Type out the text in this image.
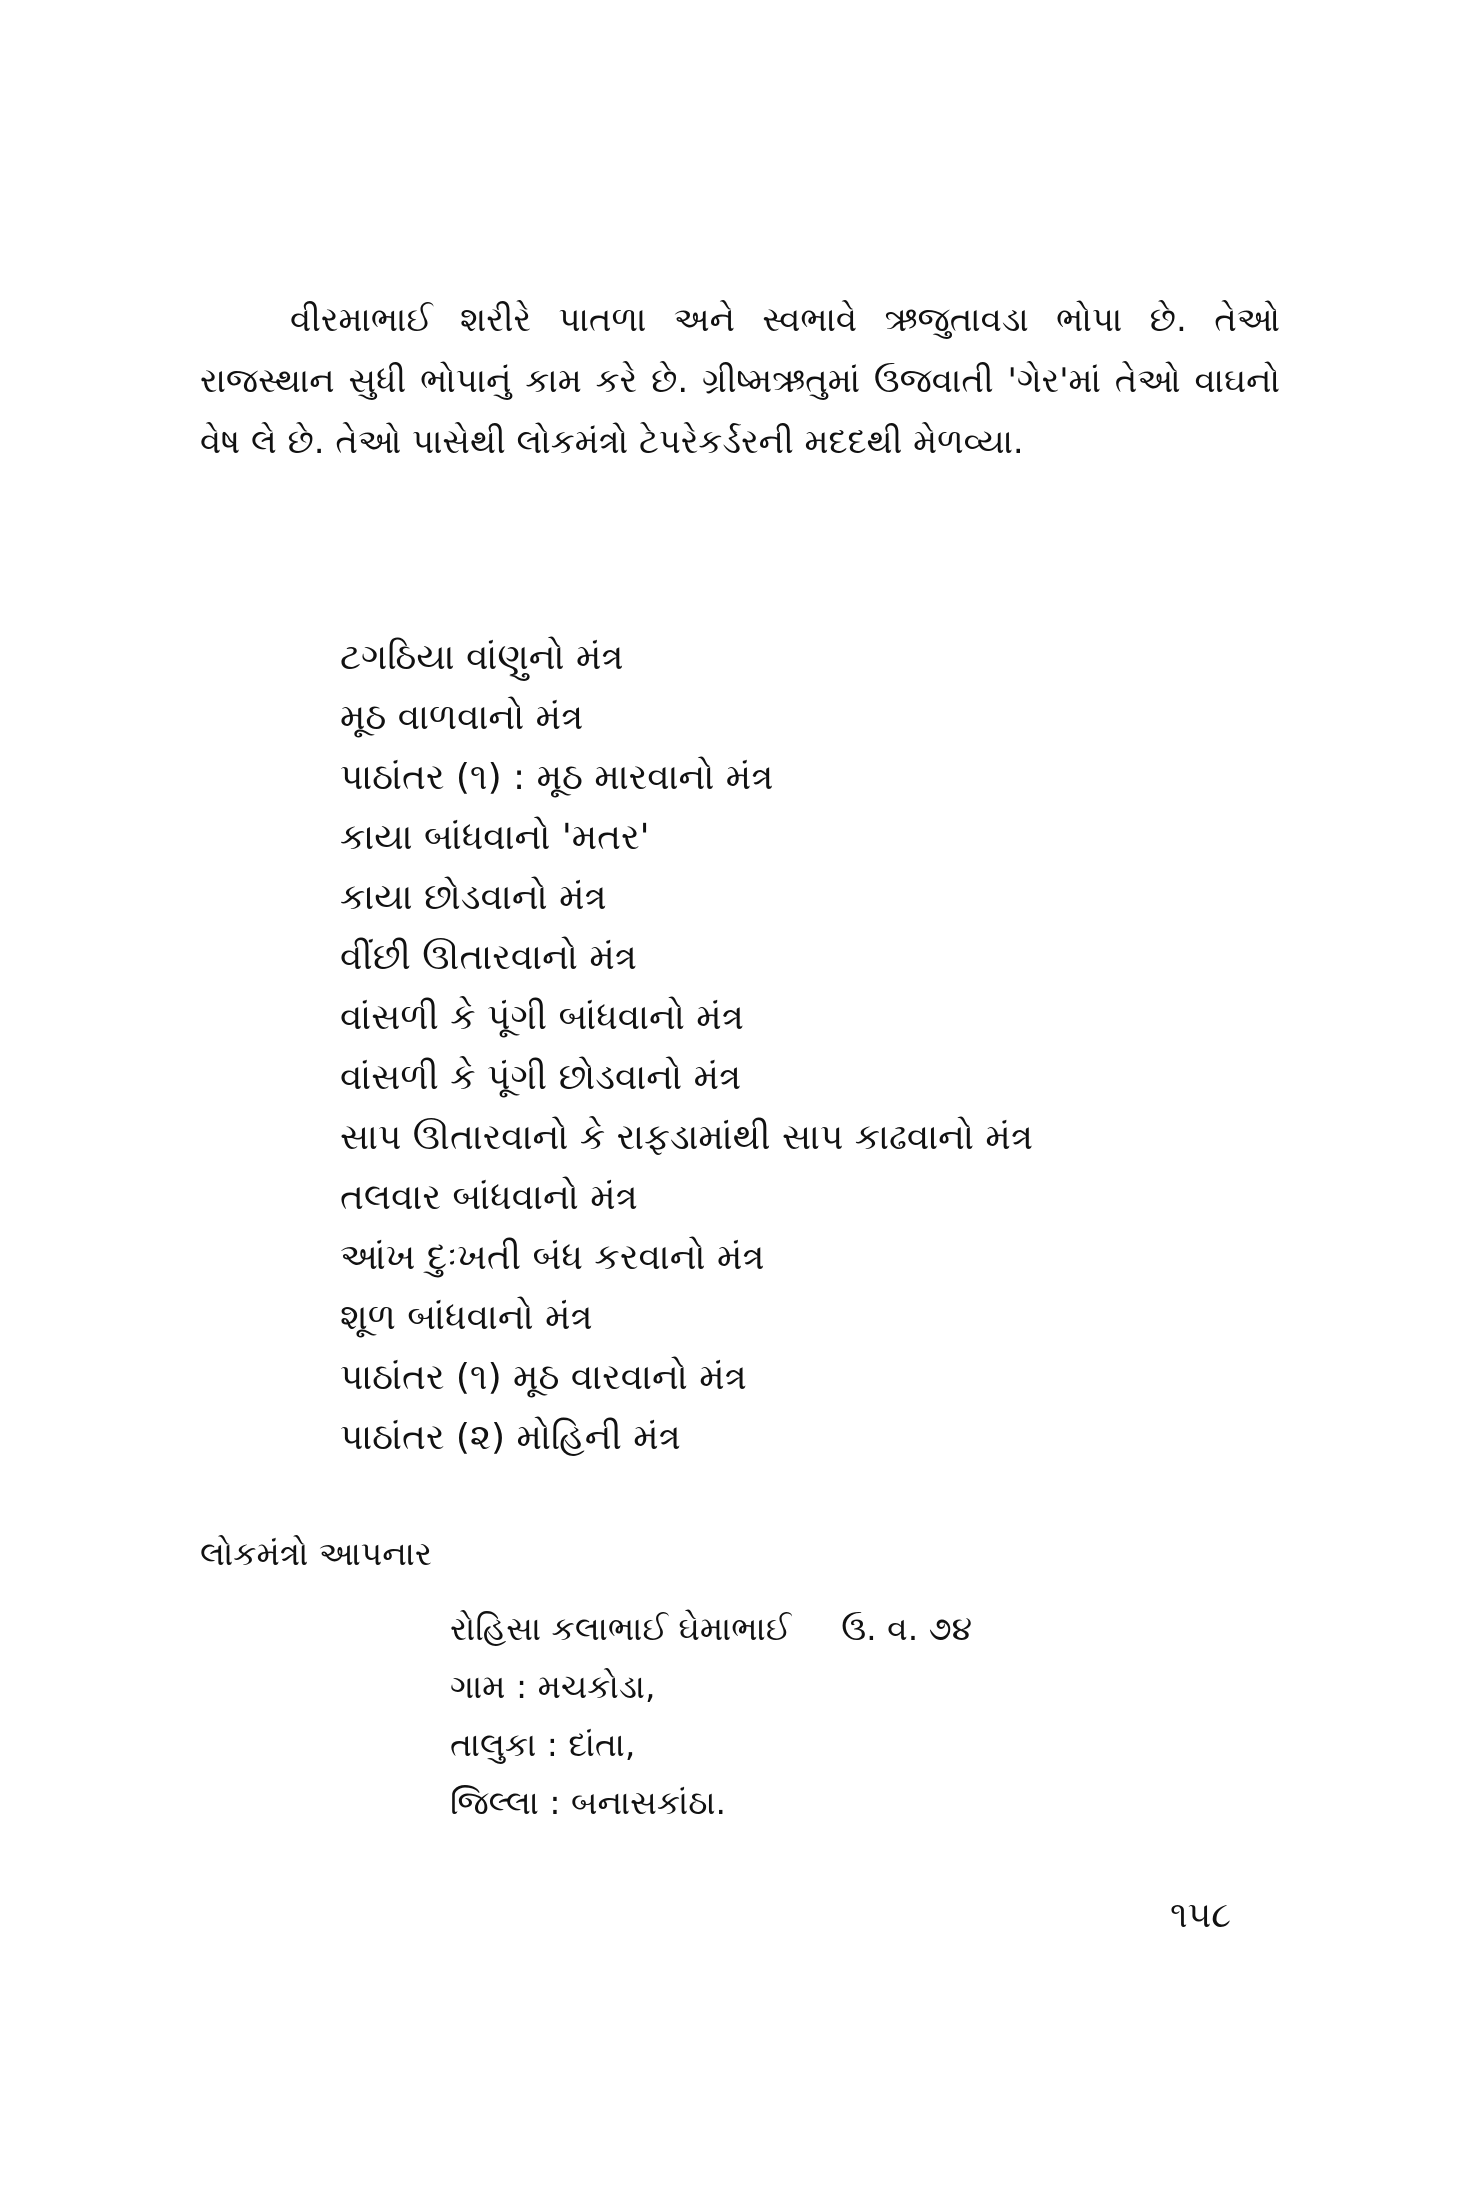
વીરમાભાઈ શરીરે પાતળા અને સ્વભાવે ઋજુતાવડા ભોપા છે. તેઓ રાજસ્થાન સુધી ભોપાનું કામ કરે છે. ગ્રીષ્મઋતુમાં ઉજવાતી 'ગેર'માં તેઓ વાઘનો વેષ લે છે. તેઓ પાસેથી લોકમંત્રો ટેપરેકર્ડરની મદદથી મેળવ્યા.

ટગઠિયા વાંણુનો મંત્ર
મૂઠ વાળવાનો મંત્ર
પાઠાંતર (૧) : મૂઠ મારવાનો મંત્ર
કાયા બાંધવાનો 'મતર'
કાયા છોડવાનો મંત્ર
વીંછી ઊતારવાનો મંત્ર
વાંસળી કે પૂંગી બાંધવાનો મંત્ર
વાંસળી કે પૂંગી છોડવાનો મંત્ર
સાપ ઊતારવાનો કે રાફડામાંથી સાપ કાઢવાનો મંત્ર
તલવાર બાંધવાનો મંત્ર
આંખ દુઃખતી બંધ કરવાનો મંત્ર
શૂળ બાંધવાનો મંત્ર
પાઠાંતર (૧) મૂઠ વારવાનો મંત્ર
પાઠાંતર (૨) મોહિની મંત્ર

લોકમંત્રો આપનાર

રોહિસા કલાભાઈ ઘેમાભાઈ ઉ. વ. ૭૪
ગામ : મચકોડા,
તાલુકા : દાંતા,
જિલ્લા : બનાસકાંઠા.

૧૫૮
